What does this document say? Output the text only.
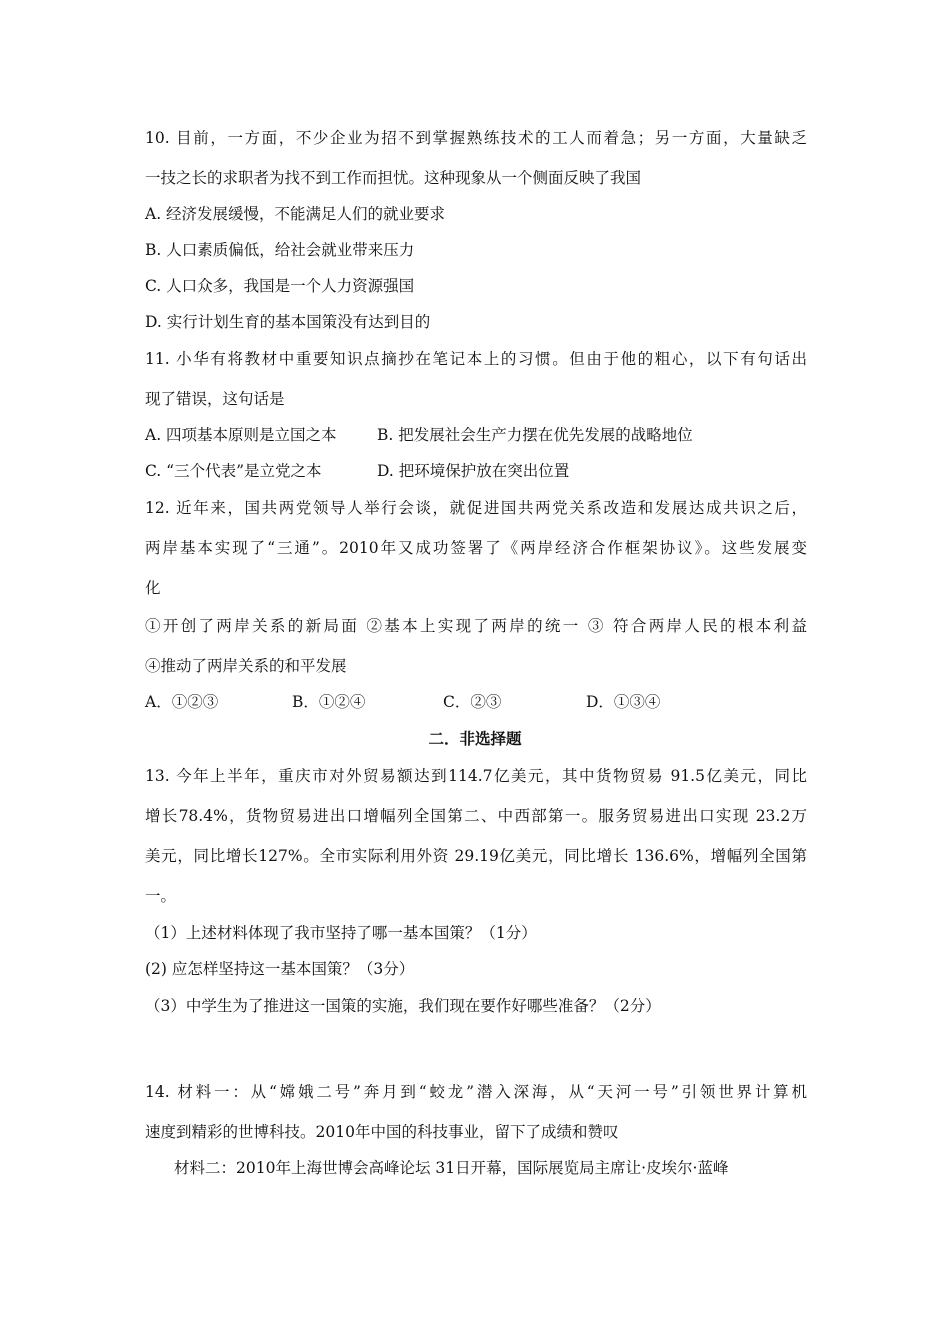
10. 目前，一方面，不少企业为招不到掌握熟练技术的工人而着急；另一方面，大量缺乏
一技之长的求职者为找不到工作而担忧。这种现象从一个侧面反映了我国
A. 经济发展缓慢，不能满足人们的就业要求
B. 人口素质偏低，给社会就业带来压力
C. 人口众多，我国是一个人力资源强国
D. 实行计划生育的基本国策没有达到目的
11. 小华有将教材中重要知识点摘抄在笔记本上的习惯。但由于他的粗心，以下有句话出
现了错误，这句话是
A. 四项基本原则是立国之本	B. 把发展社会生产力摆在优先发展的战略地位
C. “三个代表”是立党之本	D. 把环境保护放在突出位置
12. 近年来，国共两党领导人举行会谈，就促进国共两党关系改造和发展达成共识之后，
两岸基本实现了“三通”。2010年又成功签署了《两岸经济合作框架协议》。这些发展变
化
①开创了两岸关系的新局面 ②基本上实现了两岸的统一 ③ 符合两岸人民的根本利益
④推动了两岸关系的和平发展
A．①②③	B．①②④	C．②③	D．①③④
二．非选择题
13. 今年上半年，重庆市对外贸易额达到114.7亿美元，其中货物贸易 91.5亿美元，同比
增长78.4%，货物贸易进出口增幅列全国第二、中西部第一。服务贸易进出口实现 23.2万
美元，同比增长127%。全市实际利用外资 29.19亿美元，同比增长 136.6%，增幅列全国第
一。
（1）上述材料体现了我市坚持了哪一基本国策？（1分）
(2) 应怎样坚持这一基本国策？（3分）
（3）中学生为了推进这一国策的实施，我们现在要作好哪些准备？（2分）
14. 材料一：从“嫦娥二号”奔月到“蛟龙”潜入深海，从“天河一号”引领世界计算机
速度到精彩的世博科技。2010年中国的科技事业，留下了成绩和赞叹
材料二：2010年上海世博会高峰论坛 31日开幕，国际展览局主席让·皮埃尔·蓝峰
